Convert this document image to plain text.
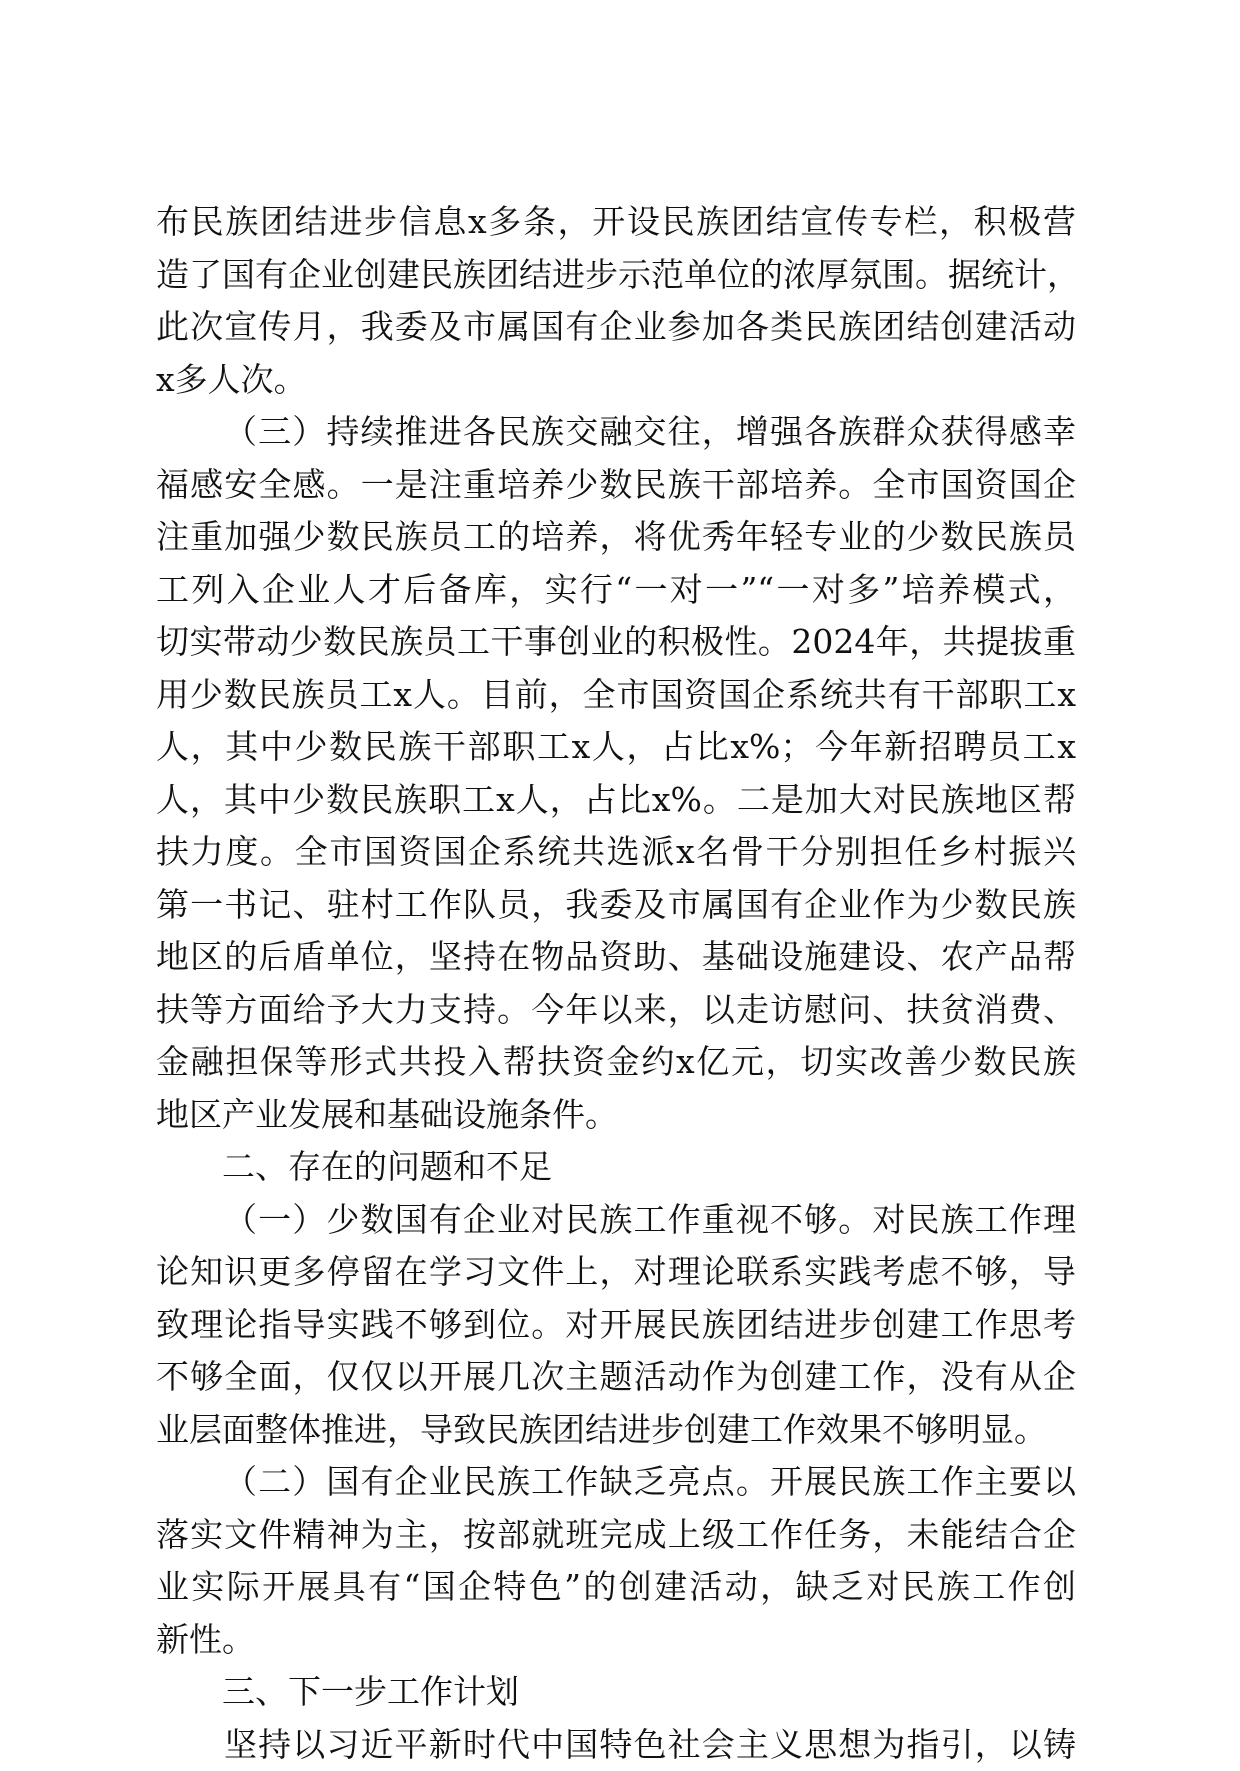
布民族团结进步信息x多条，开设民族团结宣传专栏，积极营
造了国有企业创建民族团结进步示范单位的浓厚氛围。据统计，
此次宣传月，我委及市属国有企业参加各类民族团结创建活动
x多人次。
（三）持续推进各民族交融交往，增强各族群众获得感幸
福感安全感。一是注重培养少数民族干部培养。全市国资国企
注重加强少数民族员工的培养，将优秀年轻专业的少数民族员
工列入企业人才后备库，实行“一对一”“一对多”培养模式，
切实带动少数民族员工干事创业的积极性。2024年，共提拔重
用少数民族员工x人。目前，全市国资国企系统共有干部职工x
人，其中少数民族干部职工x人，占比x%；今年新招聘员工x
人，其中少数民族职工x人，占比x%。二是加大对民族地区帮
扶力度。全市国资国企系统共选派x名骨干分别担任乡村振兴
第一书记、驻村工作队员，我委及市属国有企业作为少数民族
地区的后盾单位，坚持在物品资助、基础设施建设、农产品帮
扶等方面给予大力支持。今年以来，以走访慰问、扶贫消费、
金融担保等形式共投入帮扶资金约x亿元，切实改善少数民族
地区产业发展和基础设施条件。
二、存在的问题和不足
（一）少数国有企业对民族工作重视不够。对民族工作理
论知识更多停留在学习文件上，对理论联系实践考虑不够，导
致理论指导实践不够到位。对开展民族团结进步创建工作思考
不够全面，仅仅以开展几次主题活动作为创建工作，没有从企
业层面整体推进，导致民族团结进步创建工作效果不够明显。
（二）国有企业民族工作缺乏亮点。开展民族工作主要以
落实文件精神为主，按部就班完成上级工作任务，未能结合企
业实际开展具有“国企特色”的创建活动，缺乏对民族工作创
新性。
三、下一步工作计划
坚持以习近平新时代中国特色社会主义思想为指引，以铸
